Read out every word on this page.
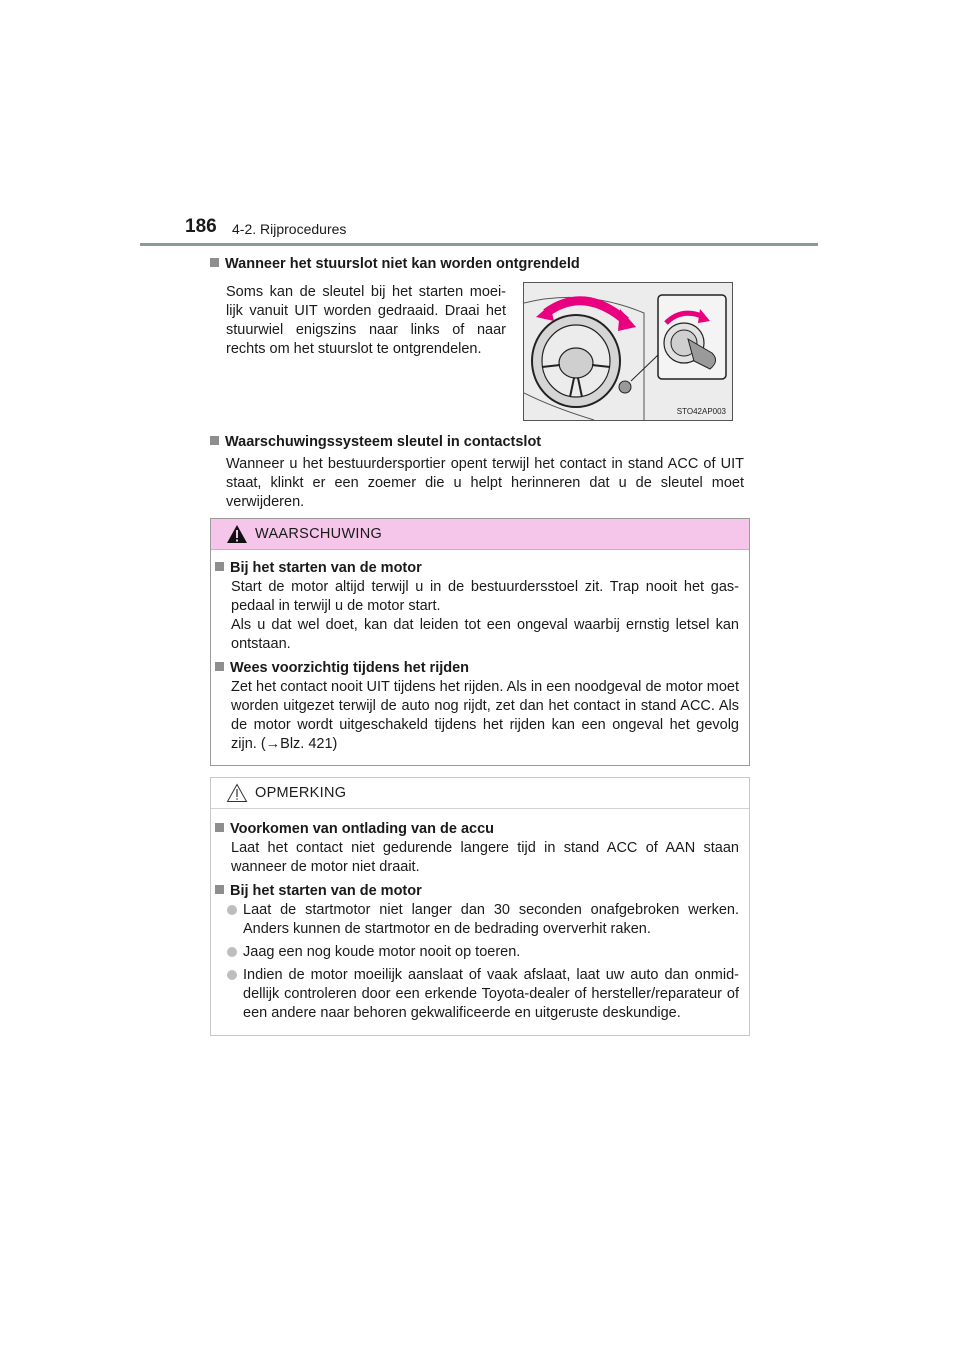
186 4-2. Rijprocedures
Wanneer het stuurslot niet kan worden ontgrendeld

Soms kan de sleutel bij het starten moei- lijk vanuit UIT worden gedraaid. Draai het stuurwiel enigszins naar links of naar rechts om het stuurslot te ontgrendelen.

STO42AP003
Waarschuwingssysteem sleutel in contactslot

Wanneer u het bestuurdersportier opent terwijl het contact in stand ACC of UIT staat, klinkt er een zoemer die u helpt herinneren dat u de sleutel moet verwijderen.

WAARSCHUWING

Bij het starten van de motor

Start de motor altijd terwijl u in de bestuurdersstoel zit. Trap nooit het gas- pedaal in terwijl u de motor start.

Als u dat wel doet, kan dat leiden tot een ongeval waarbij ernstig letsel kan ontstaan.

Wees voorzichtig tijdens het rijden

Zet het contact nooit UIT tijdens het rijden. Als in een noodgeval de motor moet worden uitgezet terwijl de auto nog rijdt, zet dan het contact in stand ACC. Als de motor wordt uitgeschakeld tijdens het rijden kan een ongeval het gevolg zijn. (→Blz. 421)

OPMERKING

Voorkomen van ontlading van de accu

Laat het contact niet gedurende langere tijd in stand ACC of AAN staan wanneer de motor niet draait.

Bij het starten van de motor

Laat de startmotor niet langer dan 30 seconden onafgebroken werken. Anders kunnen de startmotor en de bedrading oververhit raken.
Jaag een nog koude motor nooit op toeren.
Indien de motor moeilijk aanslaat of vaak afslaat, laat uw auto dan onmid- dellijk controleren door een erkende Toyota-dealer of hersteller/reparateur of een andere naar behoren gekwalificeerde en uitgeruste deskundige.
